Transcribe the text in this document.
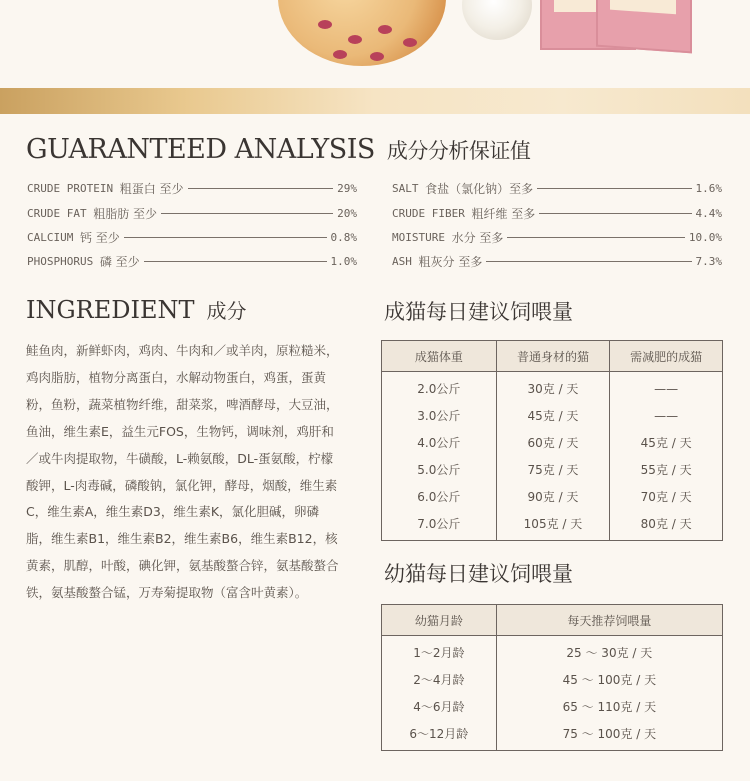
GUARANTEED ANALYSIS 成分分析保证值
CRUDE PROTEIN
粗蛋白 至少	29%
CRUDE FAT
粗脂肪 至少	20%
CALCIUM
钙 至少	0.8%
PHOSPHORUS
磷 至少	1.0%
SALT
食盐（氯化钠）至多	1.6%
CRUDE FIBER
粗纤维 至多	4.4%
MOISTURE
水分 至多	10.0%
ASH
粗灰分 至多	7.3%
INGREDIENT 成分
鲑鱼肉，新鲜虾肉，鸡肉、牛肉和／或羊肉，原粒糙米，鸡肉脂肪，植物分离蛋白，水解动物蛋白，鸡蛋，蛋黄粉，鱼粉，蔬菜植物纤维，甜菜浆，啤酒酵母，大豆油，鱼油，维生素E，益生元FOS，生物钙，调味剂，鸡肝和／或牛肉提取物，牛磺酸，L-赖氨酸，DL-蛋氨酸，柠檬酸钾，L-肉毒碱，磷酸钠，氯化钾，酵母，烟酸，维生素C，维生素A，维生素D3，维生素K，氯化胆碱，卵磷脂，维生素B1，维生素B2，维生素B6，维生素B12，核黄素，肌醇，叶酸，碘化钾，氨基酸螯合锌，氨基酸螯合铁，氨基酸螯合锰，万寿菊提取物（富含叶黄素）。
成猫每日建议饲喂量
成猫体重	普通身材的猫	需减肥的成猫
2.0公斤	30克 / 天	——
3.0公斤	45克 / 天	——
4.0公斤	60克 / 天	45克 / 天
5.0公斤	75克 / 天	55克 / 天
6.0公斤	90克 / 天	70克 / 天
7.0公斤	105克 / 天	80克 / 天
幼猫每日建议饲喂量
幼猫月龄	每天推荐饲喂量
1～2月龄	25 ～ 30克 / 天
2～4月龄	45 ～ 100克 / 天
4～6月龄	65 ～ 110克 / 天
6～12月龄	75 ～ 100克 / 天
